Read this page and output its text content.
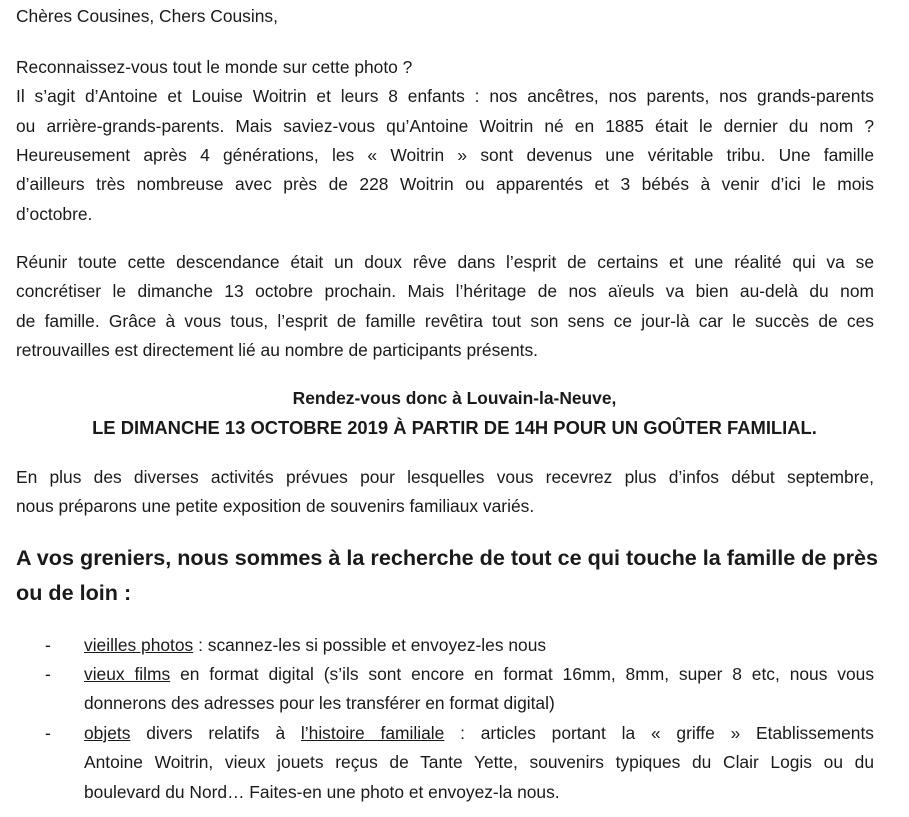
Chères Cousines, Chers Cousins,
Reconnaissez-vous tout le monde sur cette photo ?
Il s’agit d’Antoine et Louise Woitrin et leurs 8 enfants : nos ancêtres, nos parents, nos grands-parents
ou arrière-grands-parents. Mais saviez-vous qu’Antoine Woitrin né en 1885 était le dernier du nom ?
Heureusement après 4 générations, les « Woitrin » sont devenus une véritable tribu. Une famille
d’ailleurs très nombreuse avec près de 228 Woitrin ou apparentés et 3 bébés à venir d’ici le mois
d’octobre.
Réunir toute cette descendance était un doux rêve dans l’esprit de certains et une réalité qui va se
concrétiser le dimanche 13 octobre prochain. Mais l’héritage de nos aïeuls va bien au-delà du nom
de famille. Grâce à vous tous, l’esprit de famille revêtira tout son sens ce jour-là car le succès de ces
retrouvailles est directement lié au nombre de participants présents.
Rendez-vous donc à Louvain-la-Neuve,
LE DIMANCHE 13 OCTOBRE 2019 À PARTIR DE 14H POUR UN GOÛTER FAMILIAL.
En plus des diverses activités prévues pour lesquelles vous recevrez plus d’infos début septembre,
nous préparons une petite exposition de souvenirs familiaux variés.
A vos greniers, nous sommes à la recherche de tout ce qui touche la famille de près
ou de loin :
- vieilles photos : scannez-les si possible et envoyez-les nous
- vieux films en format digital (s’ils sont encore en format 16mm, 8mm, super 8 etc, nous vous
donnerons des adresses pour les transférer en format digital)
- objets divers relatifs à l’histoire familiale : articles portant la « griffe » Etablissements
Antoine Woitrin, vieux jouets reçus de Tante Yette, souvenirs typiques du Clair Logis ou du
boulevard du Nord… Faites-en une photo et envoyez-la nous.
